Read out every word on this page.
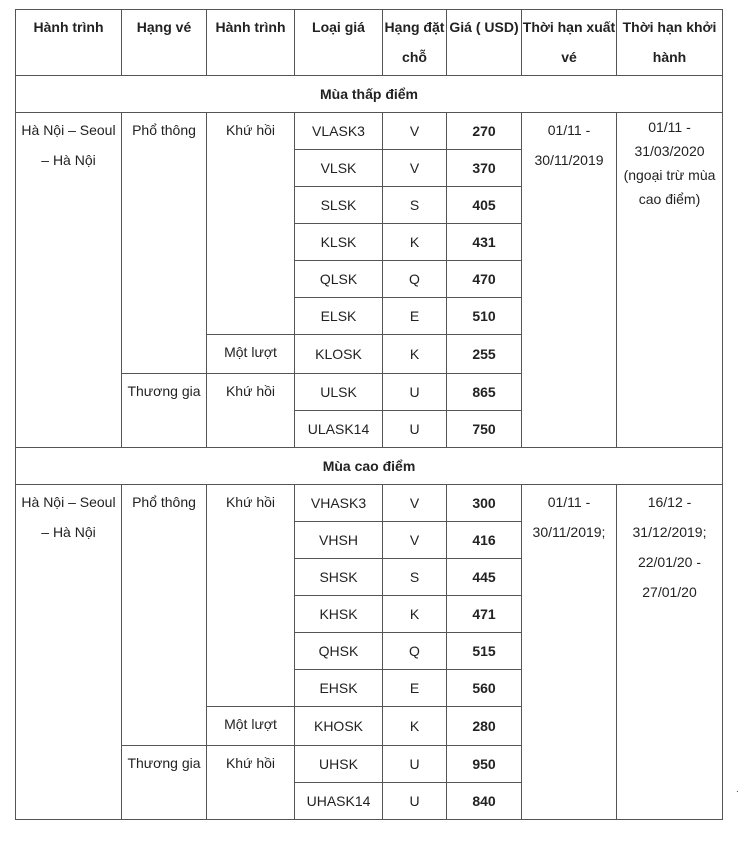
Hành trình	Hạng vé	Hành trình	Loại giá	Hạng đặt chỗ	Giá ( USD)	Thời hạn xuất vé	Thời hạn khởi hành
Mùa thấp điểm							
Hà Nội – Seoul – Hà Nội	Phổ thông	Khứ hồi	VLASK3	V	270	01/11 - 30/11/2019	01/11 - 31/03/2020 (ngoại trừ mùa cao điểm)
			VLSK	V	370		
			SLSK	S	405		
			KLSK	K	431		
			QLSK	Q	470		
			ELSK	E	510		
		Một lượt	KLOSK	K	255		
	Thương gia	Khứ hồi	ULSK	U	865		
			ULASK14	U	750		
Mùa cao điểm							
Hà Nội – Seoul – Hà Nội	Phổ thông	Khứ hồi	VHASK3	V	300	01/11 - 30/11/2019;	16/12 - 31/12/2019; 22/01/20 - 27/01/20
			VHSH	V	416		
			SHSK	S	445		
			KHSK	K	471		
			QHSK	Q	515		
			EHSK	E	560		
		Một lượt	KHOSK	K	280		
	Thương gia	Khứ hồi	UHSK	U	950		
			UHASK14	U	840		
.
